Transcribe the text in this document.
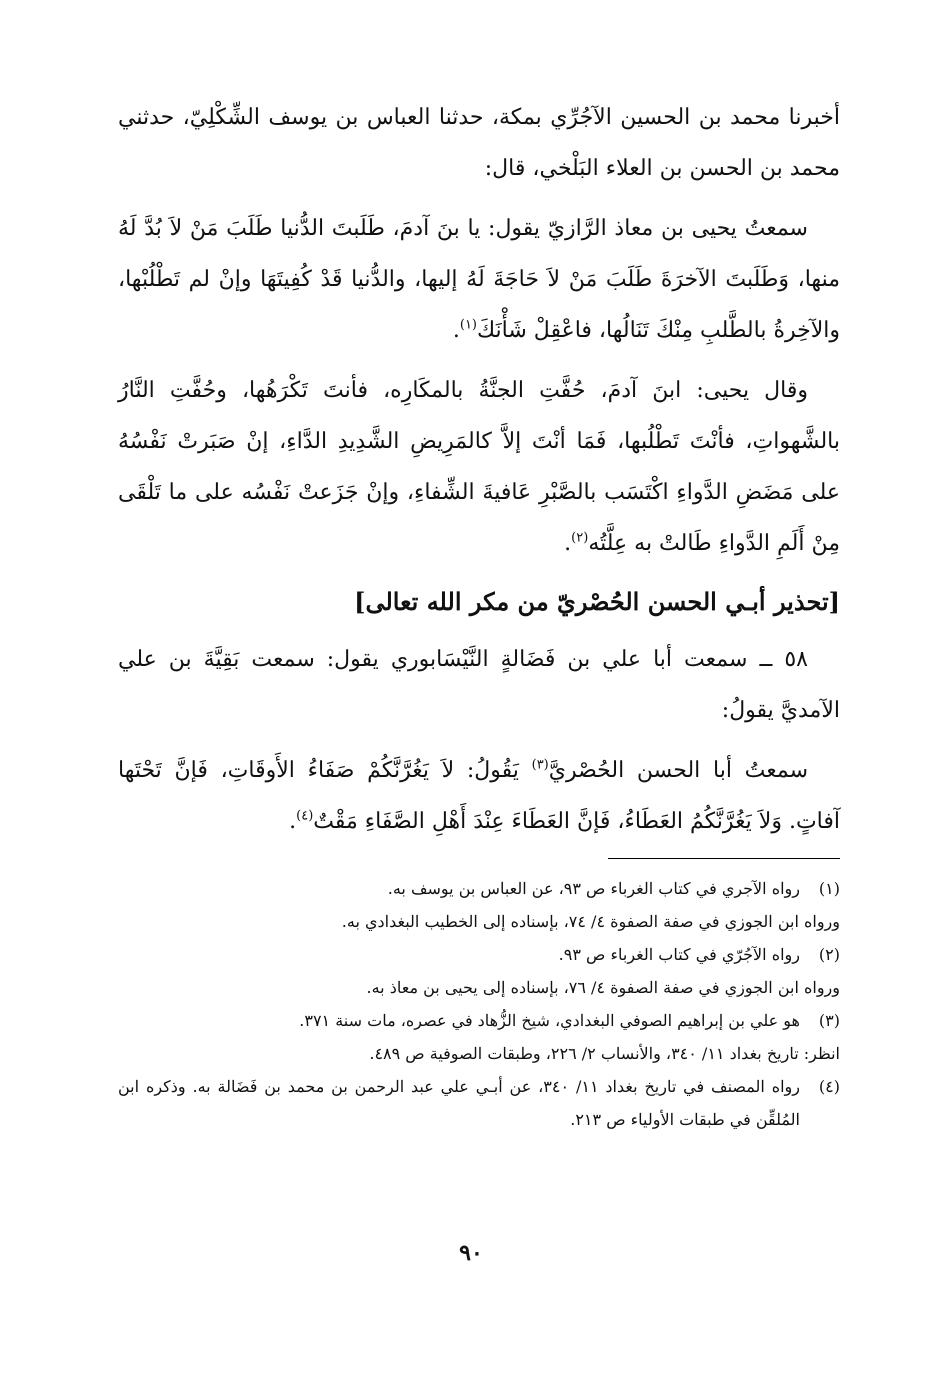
أخبرنا محمد بن الحسين الآجُرِّي بمكة، حدثنا العباس بن يوسف الشِّكْلِيّ، حدثني محمد بن الحسن بن العلاء البَلْخي، قال:

سمعتُ يحيى بن معاذ الرَّازيّ يقول: يا بنَ آدمَ، طَلَبتَ الدُّنيا طَلَبَ مَنْ لاَ بُدَّ لَهُ منها، وَطَلَبتَ الآخرَةَ طَلَبَ مَنْ لاَ حَاجَةَ لَهُ إليها، والدُّنيا قَدْ كُفِيتَهَا وإنْ لم تَطْلُبْها، والآخِرةُ بالطَّلبِ مِنْكَ تَنَالُها، فاعْقِلْ شَأْنَكَ$^{(١)}$.

وقال يحيى: ابنَ آدمَ، حُفَّتِ الجنَّةُ بالمكَارِه، فأنتَ تَكْرَهُها، وحُفَّتِ النَّارُ بالشَّهواتِ، فأنْتَ تَطْلُبها، فَمَا أنْتَ إلاَّ كالمَرِيضِ الشَّدِيدِ الدَّاءِ، إنْ صَبَرتْ نَفْسُهُ على مَضَضِ الدَّواءِ اكْتَسَب بالصَّبْرِ عَافيةَ الشِّفاءِ، وإنْ جَزَعتْ نَفْسُه على ما تَلْقَى مِنْ أَلَمِ الدَّواءِ طَالتْ به عِلَّتُه$^{(٢)}$.

[تحذير أبـي الحسن الحُصْريّ من مكر الله تعالى]

٥٨ ــ سمعت أبا علي بن فَضَالةٍ النَّيْسَابوري يقول: سمعت بَقِيَّةَ بن علي الآمديَّ يقولُ:

سمعتُ أبا الحسن الحُصْريَّ$^{(٣)}$ يَقُولُ: لاَ يَغُرَّنَّكُمْ صَفَاءُ الأَوقَاتِ، فَإنَّ تَحْتَها آفاتٍ. وَلاَ يَغُرَّنَّكُمُ العَطَاءُ، فَإنَّ العَطَاءَ عِنْدَ أَهْلِ الصَّفَاءِ مَقْتٌ$^{(٤)}$.

(١)
رواه الآجري في كتاب الغرباء ص ٩٣، عن العباس بن يوسف به.
ورواه ابن الجوزي في صفة الصفوة ٤/ ٧٤، بإسناده إلى الخطيب البغدادي به.
(٢)
رواه الآجُرّي في كتاب الغرباء ص ٩٣.
ورواه ابن الجوزي في صفة الصفوة ٤/ ٧٦، بإسناده إلى يحيى بن معاذ به.
(٣)
هو علي بن إبراهيم الصوفي البغدادي، شيخ الزُّهاد في عصره، مات سنة ٣٧١.
انظر: تاريخ بغداد ١١/ ٣٤٠، والأنساب ٢/ ٢٢٦، وطبقات الصوفية ص ٤٨٩.
(٤)
رواه المصنف في تاريخ بغداد ١١/ ٣٤٠، عن أبـي علي عبد الرحمن بن محمد بن فَضَالة به. وذكره ابن المُلقِّن في طبقات الأولياء ص ٢١٣.
٩٠
